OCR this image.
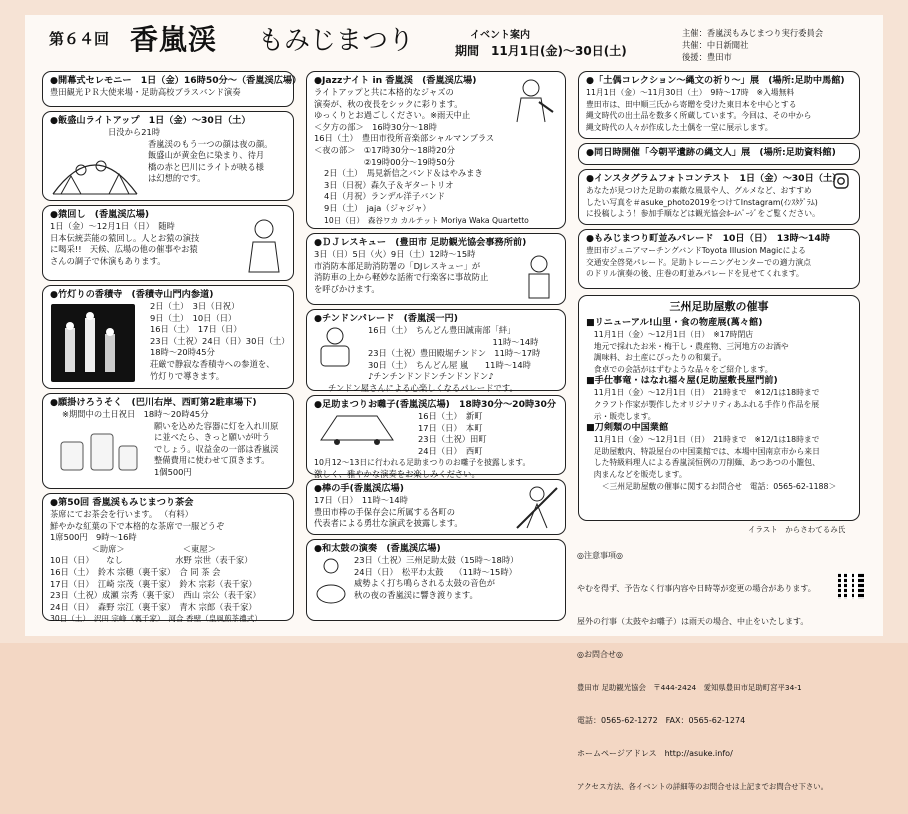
第６４回 香嵐渓 もみじまつり	イベント案内
期間　11月1日(金)～30日(土)
主催：香嵐渓もみじまつり実行委員会
共催：中日新聞社
後援：豊田市

●開幕式セレモニー　1日（金）16時50分～（香嵐渓広場）

豊田観光ＰＲ大使来場・足助高校ブラスバンド演奏

●飯盛山ライトアップ　1日（金）～30日（土）

日没から21時

香嵐渓のもう一つの顔は夜の顔。

飯盛山が黄金色に染まり、待月

橋の赤と巴川にライトが映る様

は幻想的です。

●猿回し　(香嵐渓広場)

1日（金）～12月1日（日）　随時

日本伝統芸能の猿回し。人とお猿の演技

に喝采!!　天候、広場の他の催事やお猿

さんの調子で休演もあります。

●竹灯りの香積寺　(香積寺山門内参道)

2日（土）　3日（日祝）

9日（土）　10日（日）

16日（土）　17日（日）

23日（土祝）24日（日）30日（土）

18時～20時45分

荘厳で静寂な香積寺への参道を、

竹灯りで導きます。

●願掛けろうそく　(巴川右岸、西町第2駐車場下)

※期間中の土日祝日　18時～20時45分

願いを込めた容器に灯を入れ川原

に並べたら、きっと願いが叶う

でしょう。収益金の一部は香嵐渓

整備費用に使わせて頂きます。

1個500円

●第50回 香嵐渓もみじまつり茶会

茶席にてお茶会を行います。 （有料）

鮮やかな紅葉の下で本格的な茶席で一服どうぞ

1席500円　9時～16時

　　　　　＜助席＞　　　　　　　＜東屋＞

10日（日）　　なし　　　　　　 水野 宗世（表千家）

16日（土）　鈴木 宗穂（裏千家）　合 同 茶 会

17日（日）　江崎 宗茂（裏千家）　鈴木 宗彩（表千家）

23日（土祝）成瀬 宗秀（裏千家）　西山 宗公（表千家）

24日（日）　森野 宗江（裏千家）　青木 宗郎（表千家）

30日（土）　沢田 宗峰（裏千家）　河合 香壁（皇風煎茶禮式）

●Jazzナイト in 香嵐渓　(香嵐渓広場)

ライトアップと共に本格的なジャズの

演奏が、秋の夜長をシックに彩ります。

ゆっくりとお過ごしください。※雨天中止

＜夕方の部＞　16時30分～18時

16日（土）　豊田市役所音楽部シャルマンブラス

＜夜の部＞　①17時30分～18時20分

　　　　　　②19時00分～19時50分

2日（土）　馬見新信之バンド＆はやみまき

3日（日祝）森久子＆ギタートリオ

4日（月祝）ランデル洋子バンド

9日（土）　jaja（ジャジャ）

10日（日）　森谷ワカ カルテット Moriya Waka Quartetto

●ＤＪレスキュー　(豊田市 足助観光協会事務所前)

3日（日）5日（火）9日（土）12時～15時

市消防本部足助消防署の「DJレスキュー」が

消防車の上から軽妙な話術で行楽客に事故防止

を呼びかけます。

●チンドンパレード　(香嵐渓一円)

16日（土）　ちんどん豊田誠南部「絆」

　　　　　　　　　　　　　　　11時～14時

23日（土祝）豊田殿堀チンドン　11時～17時

30日（土）　ちんどん屋 嵐　　11時～14時

♪チンチンドンドンチンドンドン♪

チンドン屋さんによる心楽しくなるパレードです。

●足助まつりお囃子(香嵐渓広場)　18時30分～20時30分

16日（土）　新町

17日（日）　本町

23日（土祝）田町

24日（日）　西町

10月12～13日に行われる足助まつりのお囃子を披露します。

激しく、雅やかな演奏をお楽しみください。

●棒の手(香嵐渓広場)

17日（日）　11時～14時

豊田市棒の手保存会に所属する各町の

代表者による勇壮な演武を披露します。

●和太鼓の演奏　(香嵐渓広場)

23日（土祝）三州足助太鼓（15時～18時）

24日（日）　松平わ太鼓　 （11時～15時）

威勢よく打ち鳴らされる太鼓の音色が

秋の夜の香嵐渓に響き渡ります。

●「土偶コレクション～縄文の祈り～」展　(場所:足助中馬館)

11月1日（金）～11月30日（土）　9時～17時　※入場無料

豊田市は、田中順三氏から寄贈を受けた東日本を中心とする

縄文時代の出土品を数多く所蔵しています。今回は、その中から

縄文時代の人々が作成した土偶を一堂に展示します。

●同日時開催「今朝平遺跡の縄文人」展　(場所:足助資料館)

●インスタグラムフォトコンテスト　1日（金）～30日（土）

あなたが見つけた足助の素敵な風景や人、グルメなど、おすすめ

したい写真を＃asuke_photo2019をつけてInstagram(ｲﾝｽﾀｸﾞﾗﾑ)

に投稿しよう！参加手順などは観光協会ﾎｰﾑﾍﾟｰｼﾞをご覧ください。

●もみじまつり町並みパレード　10日（日）　13時～14時

豊田市ジュニアマーチングバンドToyota Illusion Magicによる

交通安全啓発パレード。足助トレーニングセンターでの適力演点

のドリル演奏の後、庄巻の町並みパレードを見せてくれます。

三州足助屋敷の催事

■リニューアル!山里・食の物産展(萬々館)

　11月1日（金）～12月1日（日）　※17時閉店

　地元で採れたお米・梅干し・農産物、三河地方のお酒や

　調味料、お土産にぴったりの和菓子。

　食卓での会話がはずむような品々をご紹介します。

■手仕事竜・はなれ福々屋(足助屋敷長屋門前)

　11月1日（金）～12月1日（日）　21時まで　※12/1は18時まで

　クラフト作家が製作したオリジナリティあふれる手作り作品を展

　示・販売します。

■刀剣類の中国業館

　11月1日（金）～12月1日（日）　21時まで　※12/1は18時まで

　足助屋敷内、特設屋台の中国業館では、本場中国南京市から来日

　した特級料理人による香嵐渓恒例の刀削麺、あつあつの小籠包、

　肉まんなどを販売します。

＜三州足助屋敷の催事に関するお問合せ　電話：0565-62-1188＞

イラスト　からさわてるみ氏

◎注意事項◎

やむを得ず、予告なく行事内容や日時等が変更の場合があります。

屋外の行事（太鼓やお囃子）は雨天の場合、中止をいたします。

◎お問合せ◎

豊田市 足助観光協会　〒444-2424　愛知県豊田市足助町宮平34-1

電話：0565-62-1272　FAX：0565-62-1274

ホームページアドレス　http://asuke.info/

アクセス方法、各イベントの詳細等のお問合せは上記までお問合せ下さい。
